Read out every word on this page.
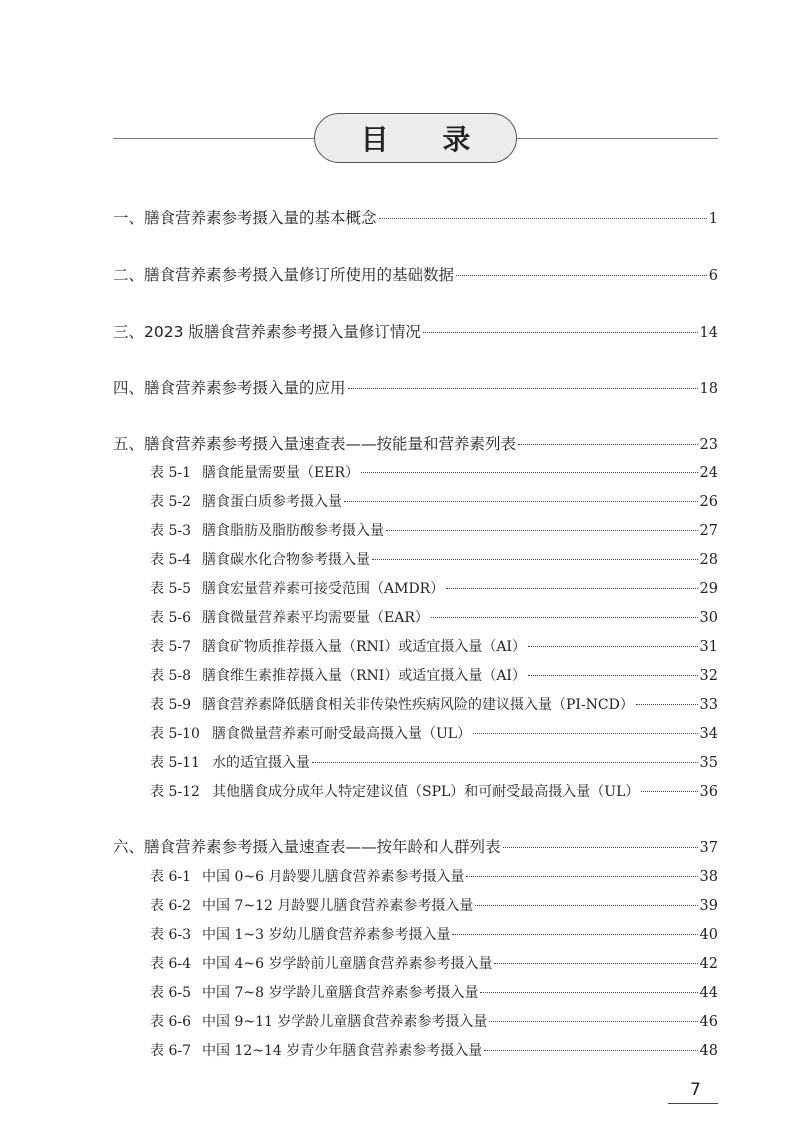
目 录
一、膳食营养素参考摄入量的基本概念	1
二、膳食营养素参考摄入量修订所使用的基础数据	6
三、2023 版膳食营养素参考摄入量修订情况	14
四、膳食营养素参考摄入量的应用	18
五、膳食营养素参考摄入量速查表——按能量和营养素列表	23
表 5-1 膳食能量需要量（EER）	24
表 5-2 膳食蛋白质参考摄入量	26
表 5-3 膳食脂肪及脂肪酸参考摄入量	27
表 5-4 膳食碳水化合物参考摄入量	28
表 5-5 膳食宏量营养素可接受范围（AMDR）	29
表 5-6 膳食微量营养素平均需要量（EAR）	30
表 5-7 膳食矿物质推荐摄入量（RNI）或适宜摄入量（AI）	31
表 5-8 膳食维生素推荐摄入量（RNI）或适宜摄入量（AI）	32
表 5-9 膳食营养素降低膳食相关非传染性疾病风险的建议摄入量（PI-NCD）	33
表 5-10 膳食微量营养素可耐受最高摄入量（UL）	34
表 5-11 水的适宜摄入量	35
表 5-12 其他膳食成分成年人特定建议值（SPL）和可耐受最高摄入量（UL）	36
六、膳食营养素参考摄入量速查表——按年龄和人群列表	37
表 6-1 中国 0~6 月龄婴儿膳食营养素参考摄入量	38
表 6-2 中国 7~12 月龄婴儿膳食营养素参考摄入量	39
表 6-3 中国 1~3 岁幼儿膳食营养素参考摄入量	40
表 6-4 中国 4~6 岁学龄前儿童膳食营养素参考摄入量	42
表 6-5 中国 7~8 岁学龄儿童膳食营养素参考摄入量	44
表 6-6 中国 9~11 岁学龄儿童膳食营养素参考摄入量	46
表 6-7 中国 12~14 岁青少年膳食营养素参考摄入量	48
7
